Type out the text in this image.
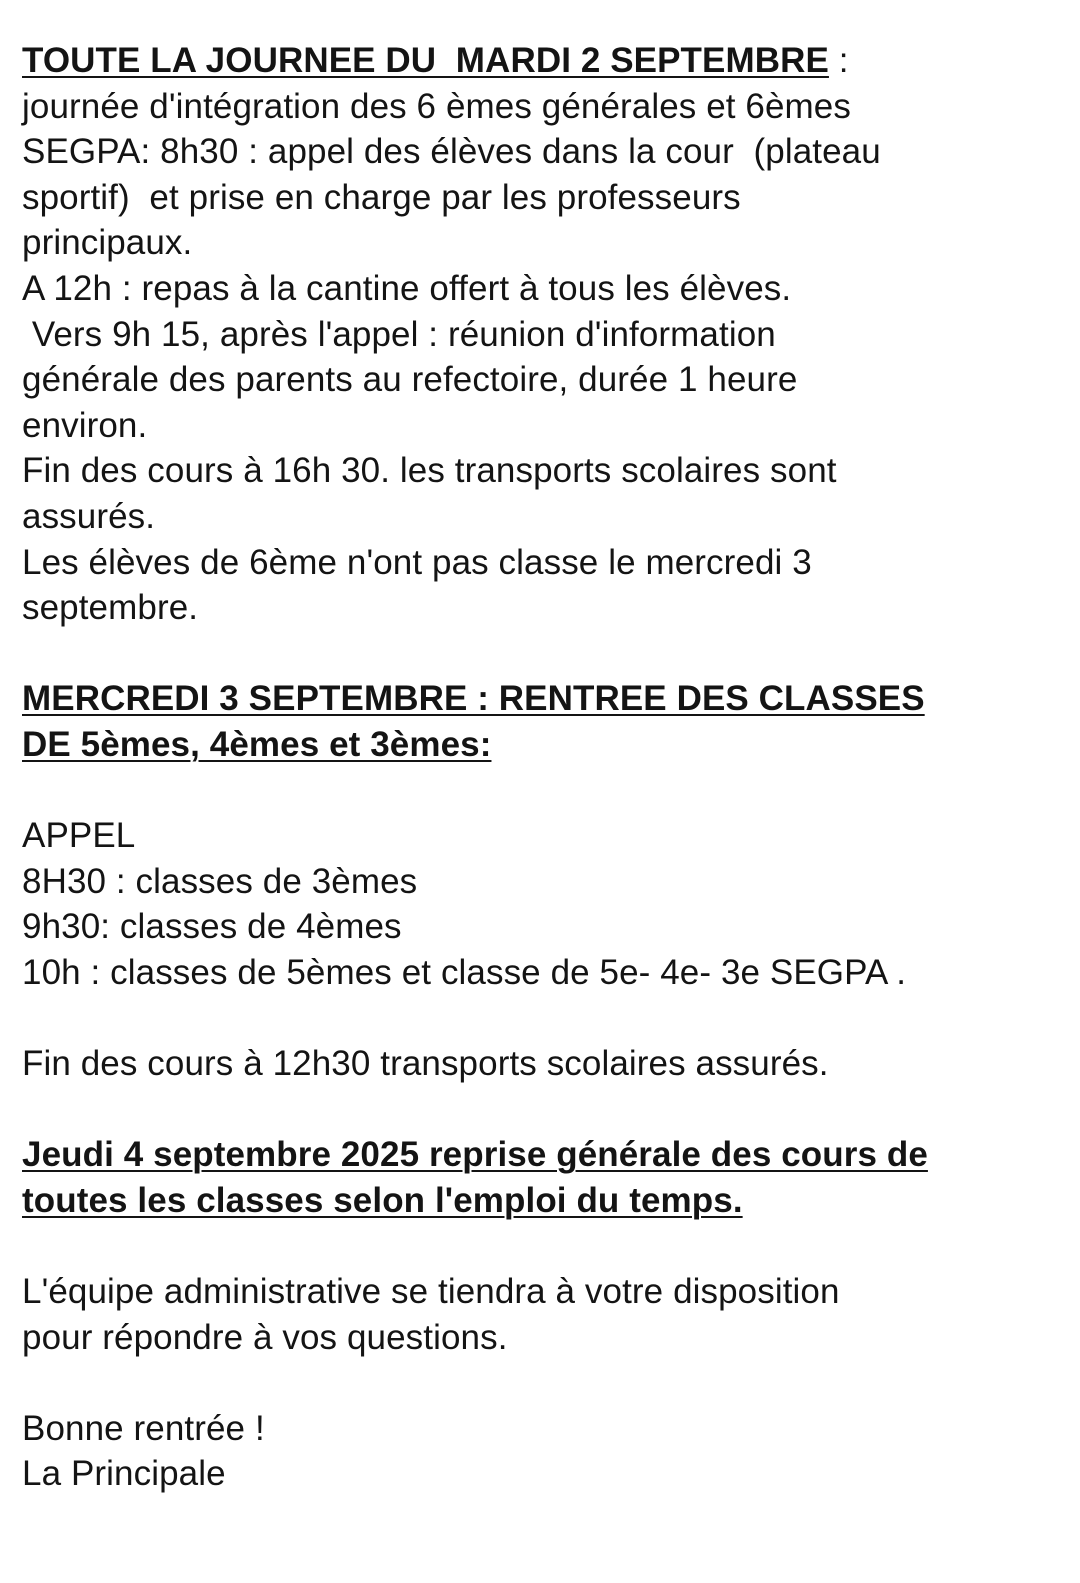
TOUTE LA JOURNEE DU  MARDI 2 SEPTEMBRE :
journée d'intégration des 6 èmes générales et 6èmes
SEGPA: 8h30 : appel des élèves dans la cour  (plateau
sportif)  et prise en charge par les professeurs
principaux.
A 12h : repas à la cantine offert à tous les élèves.
Vers 9h 15, après l'appel : réunion d'information
générale des parents au refectoire, durée 1 heure
environ.
Fin des cours à 16h 30. les transports scolaires sont
assurés.
Les élèves de 6ème n'ont pas classe le mercredi 3
septembre.
MERCREDI 3 SEPTEMBRE : RENTREE DES CLASSES
DE 5èmes, 4èmes et 3èmes:
APPEL
8H30 : classes de 3èmes
9h30: classes de 4èmes
10h : classes de 5èmes et classe de 5e- 4e- 3e SEGPA .
Fin des cours à 12h30 transports scolaires assurés.
Jeudi 4 septembre 2025 reprise générale des cours de
toutes les classes selon l'emploi du temps.
L'équipe administrative se tiendra à votre disposition
pour répondre à vos questions.
Bonne rentrée !
La Principale
